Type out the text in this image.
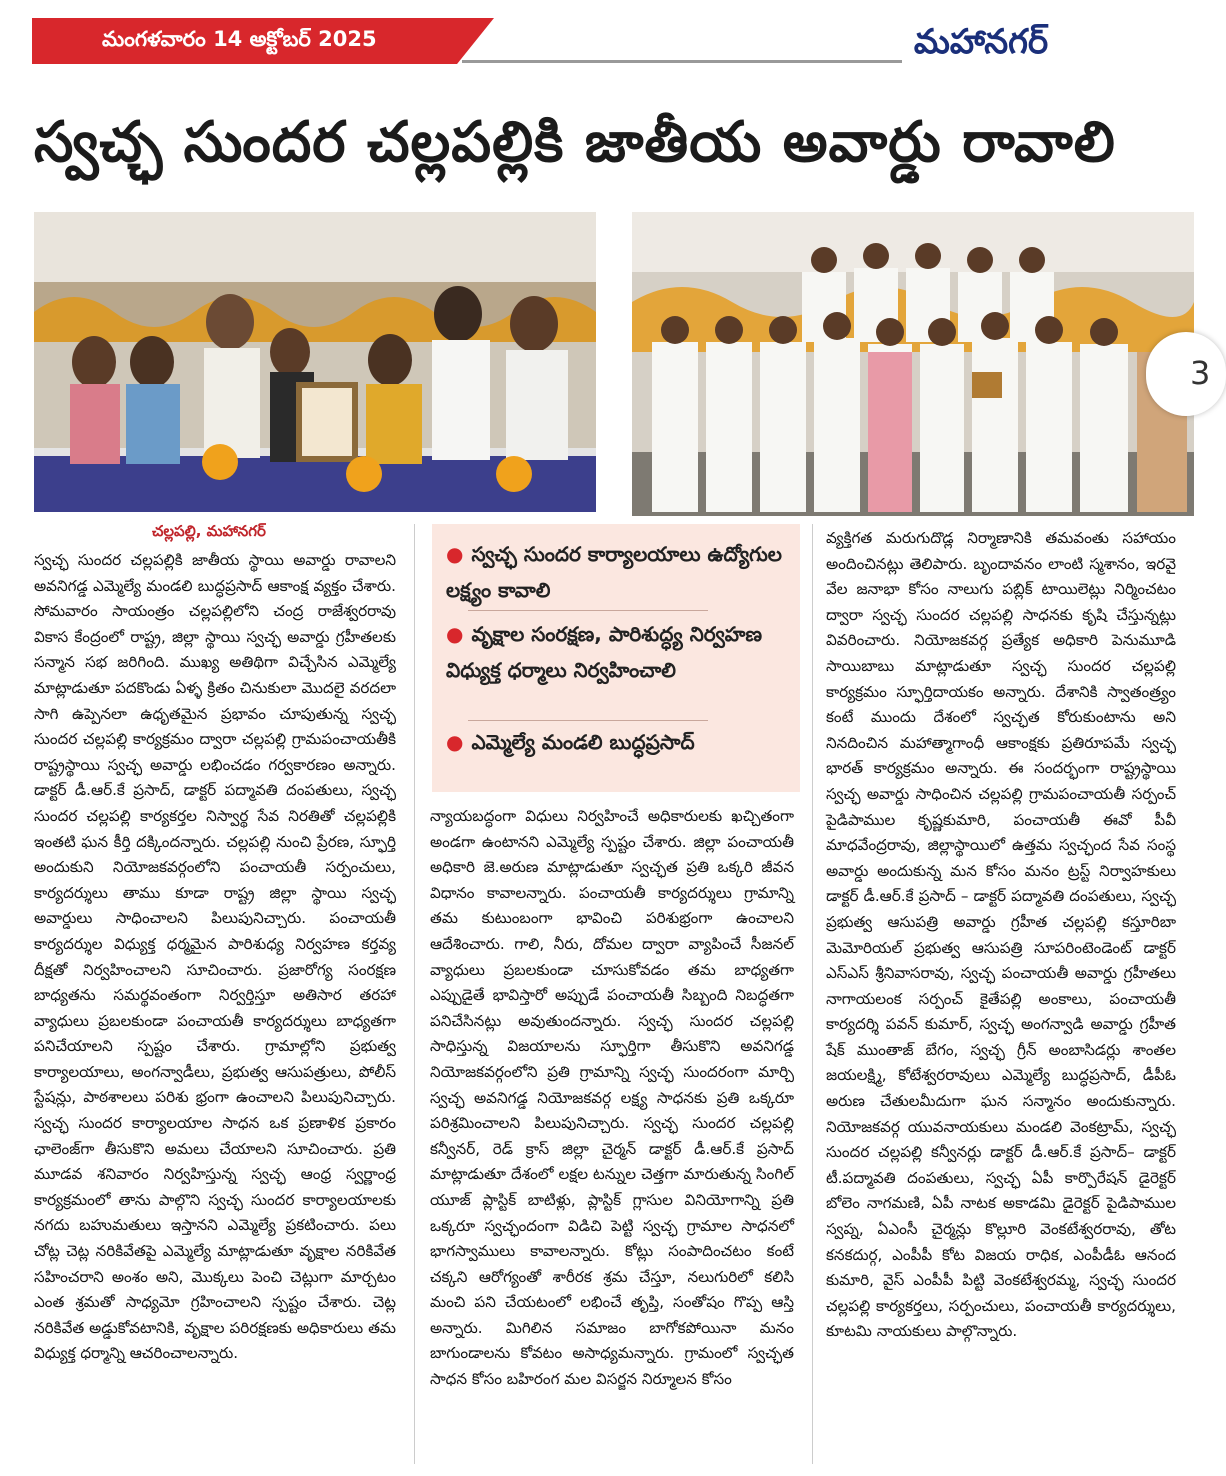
మంగళవారం 14 అక్టోబర్ 2025	మహానగర్
స్వచ్ఛ సుందర చల్లపల్లికి జాతీయ అవార్డు రావాలి
3
చల్లపల్లి, మహానగర్

స్వచ్ఛ సుందర చల్లపల్లికి జాతీయ స్థాయి అవార్డు రావాలని అవనిగడ్డ ఎమ్మెల్యే మండలి బుద్ధప్రసాద్ ఆకాంక్ష వ్యక్తం చేశారు. సోమవారం సాయంత్రం చల్లపల్లిలోని చంద్ర రాజేశ్వరరావు వికాస కేంద్రంలో రాష్ట్ర, జిల్లా స్థాయి స్వచ్ఛ అవార్డు గ్రహీతలకు సన్మాన సభ జరిగింది. ముఖ్య అతిథిగా విచ్చేసిన ఎమ్మెల్యే మాట్లాడుతూ పదకొండు ఏళ్ళ క్రితం చినుకులా మొదలై వరదలా సాగి ఉప్పెనలా ఉధృతమైన ప్రభావం చూపుతున్న స్వచ్ఛ సుందర చల్లపల్లి కార్యక్రమం ద్వారా చల్లపల్లి గ్రామపంచాయతీకి రాష్ట్రస్థాయి స్వచ్ఛ అవార్డు లభించడం గర్వకారణం అన్నారు. డాక్టర్ డీ.ఆర్.కే ప్రసాద్, డాక్టర్ పద్మావతి దంపతులు, స్వచ్ఛ సుందర చల్లపల్లి కార్యకర్తల నిస్వార్థ సేవ నిరతితో చల్లపల్లికి ఇంతటి ఘన కీర్తి దక్కిందన్నారు. చల్లపల్లి నుంచి ప్రేరణ, స్ఫూర్తి అందుకుని నియోజకవర్గంలోని పంచాయతీ సర్పంచులు, కార్యదర్శులు తాము కూడా రాష్ట్ర జిల్లా స్థాయి స్వచ్ఛ అవార్డులు సాధించాలని పిలుపునిచ్చారు. పంచాయతీ కార్యదర్శుల విధ్యుక్త ధర్మమైన పారిశుధ్య నిర్వహణ కర్తవ్య దీక్షతో నిర్వహించాలని సూచించారు. ప్రజారోగ్య సంరక్షణ బాధ్యతను సమర్థవంతంగా నిర్వర్తిస్తూ అతిసార తరహా వ్యాధులు ప్రబలకుండా పంచాయతీ కార్యదర్శులు బాధ్యతగా పనిచేయాలని స్పష్టం చేశారు. గ్రామాల్లోని ప్రభుత్వ కార్యాలయాలు, అంగన్వాడీలు, ప్రభుత్వ ఆసుపత్రులు, పోలీస్ స్టేషన్లు, పాఠశాలలు పరిశు భ్రంగా ఉంచాలని పిలుపునిచ్చారు. స్వచ్ఛ సుందర కార్యాలయాల సాధన ఒక ప్రణాళిక ప్రకారం ఛాలెంజ్‌గా తీసుకొని అమలు చేయాలని సూచించారు. ప్రతి మూడవ శనివారం నిర్వహిస్తున్న స్వచ్ఛ ఆంధ్ర స్వర్ణాంధ్ర కార్యక్రమంలో తాను పాల్గొని స్వచ్ఛ సుందర కార్యాలయాలకు నగదు బహుమతులు ఇస్తానని ఎమ్మెల్యే ప్రకటించారు. పలు చోట్ల చెట్ల నరికివేతపై ఎమ్మెల్యే మాట్లాడుతూ వృక్షాల నరికివేత సహించరాని అంశం అని, మొక్కలు పెంచి చెట్లుగా మార్చటం ఎంత శ్రమతో సాధ్యమో గ్రహించాలని స్పష్టం చేశారు. చెట్ల నరికివేత అడ్డుకోవటానికి, వృక్షాల పరిరక్షణకు అధికారులు తమ విధ్యుక్త ధర్మాన్ని ఆచరించాలన్నారు.

● స్వచ్ఛ సుందర కార్యాలయాలు ఉద్యోగుల లక్ష్యం కావాలి
● వృక్షాల సంరక్షణ, పారిశుద్ధ్య నిర్వహణ విధ్యుక్త ధర్మాలు నిర్వహించాలి
● ఎమ్మెల్యే మండలి బుద్ధప్రసాద్

న్యాయబద్ధంగా విధులు నిర్వహించే అధికారులకు ఖచ్చితంగా అండగా ఉంటానని ఎమ్మెల్యే స్పష్టం చేశారు. జిల్లా పంచాయతీ అధికారి జె.అరుణ మాట్లాడుతూ స్వచ్ఛత ప్రతి ఒక్కరి జీవన విధానం కావాలన్నారు. పంచాయతీ కార్యదర్శులు గ్రామాన్ని తమ కుటుంబంగా భావించి పరిశుభ్రంగా ఉంచాలని ఆదేశించారు. గాలి, నీరు, దోమల ద్వారా వ్యాపించే సీజనల్ వ్యాధులు ప్రబలకుండా చూసుకోవడం తమ బాధ్యతగా ఎప్పుడైతే భావిస్తారో అప్పుడే పంచాయతీ సిబ్బంది నిబద్ధతగా పనిచేసినట్లు అవుతుందన్నారు. స్వచ్ఛ సుందర చల్లపల్లి సాధిస్తున్న విజయాలను స్ఫూర్తిగా తీసుకొని అవనిగడ్డ నియోజకవర్గంలోని ప్రతి గ్రామాన్ని స్వచ్ఛ సుందరంగా మార్చి స్వచ్ఛ అవనిగడ్డ నియోజకవర్గ లక్ష్య సాధనకు ప్రతి ఒక్కరూ పరిశ్రమించాలని పిలుపునిచ్చారు. స్వచ్ఛ సుందర చల్లపల్లి కన్వీనర్, రెడ్ క్రాస్ జిల్లా చైర్మన్ డాక్టర్ డీ.ఆర్.కే ప్రసాద్ మాట్లాడుతూ దేశంలో లక్షల టన్నుల చెత్తగా మారుతున్న సింగిల్ యూజ్ ప్లాస్టిక్ బాటిళ్లు, ప్లాస్టిక్ గ్లాసుల వినియోగాన్ని ప్రతి ఒక్కరూ స్వచ్ఛందంగా విడిచి పెట్టి స్వచ్ఛ గ్రామాల సాధనలో భాగస్వాములు కావాలన్నారు. కోట్లు సంపాదించటం కంటే చక్కని ఆరోగ్యంతో శారీరక శ్రమ చేస్తూ, నలుగురిలో కలిసి మంచి పని చేయటంలో లభించే తృప్తి, సంతోషం గొప్ప ఆస్తి అన్నారు. మిగిలిన సమాజం బాగోకపోయినా మనం బాగుండాలను కోవటం అసాధ్యమన్నారు. గ్రామంలో స్వచ్ఛత సాధన కోసం బహిరంగ మల విసర్జన నిర్మూలన కోసం

వ్యక్తిగత మరుగుదొడ్ల నిర్మాణానికి తమవంతు సహాయం అందించినట్లు తెలిపారు. బృందావనం లాంటి స్మశానం, ఇరవై వేల జనాభా కోసం నాలుగు పబ్లిక్ టాయిలెట్లు నిర్మించటం ద్వారా స్వచ్ఛ సుందర చల్లపల్లి సాధనకు కృషి చేస్తున్నట్లు వివరించారు. నియోజకవర్గ ప్రత్యేక అధికారి పెనుమూడి సాయిబాబు మాట్లాడుతూ స్వచ్ఛ సుందర చల్లపల్లి కార్యక్రమం స్ఫూర్తిదాయకం అన్నారు. దేశానికి స్వాతంత్ర్యం కంటే ముందు దేశంలో స్వచ్ఛత కోరుకుంటాను అని నినదించిన మహాత్మాగాంధీ ఆకాంక్షకు ప్రతిరూపమే స్వచ్ఛ భారత్ కార్యక్రమం అన్నారు. ఈ సందర్భంగా రాష్ట్రస్థాయి స్వచ్ఛ అవార్డు సాధించిన చల్లపల్లి గ్రామపంచాయతీ సర్పంచ్ పైడిపాముల కృష్ణకుమారి, పంచాయతీ ఈవో పీవీ మాధవేంద్రరావు, జిల్లాస్థాయిలో ఉత్తమ స్వచ్ఛంద సేవ సంస్థ అవార్డు అందుకున్న మన కోసం మనం ట్రస్ట్ నిర్వాహకులు డాక్టర్ డీ.ఆర్.కే ప్రసాద్ – డాక్టర్ పద్మావతి దంపతులు, స్వచ్ఛ ప్రభుత్వ ఆసుపత్రి అవార్డు గ్రహీత చల్లపల్లి కస్తూరిబా మెమోరియల్ ప్రభుత్వ ఆసుపత్రి సూపరింటెండెంట్ డాక్టర్ ఎస్ఎస్ శ్రీనివాసరావు, స్వచ్ఛ పంచాయతీ అవార్డు గ్రహీతలు నాగాయలంక సర్పంచ్ కైతేపల్లి అంకాలు, పంచాయతీ కార్యదర్శి పవన్ కుమార్, స్వచ్ఛ అంగన్వాడి అవార్డు గ్రహీత షేక్ ముంతాజ్ బేగం, స్వచ్ఛ గ్రీన్ అంబాసిడర్లు శాంతల జయలక్ష్మి, కోటేశ్వరరావులు ఎమ్మెల్యే బుద్ధప్రసాద్, డీపీఓ అరుణ చేతులమీదుగా ఘన సన్మానం అందుకున్నారు. నియోజకవర్గ యువనాయకులు మండలి వెంకట్రామ్, స్వచ్ఛ సుందర చల్లపల్లి కన్వీనర్లు డాక్టర్ డీ.ఆర్.కే ప్రసాద్– డాక్టర్ టీ.పద్మావతి దంపతులు, స్వచ్ఛ ఏపీ కార్పొరేషన్ డైరెక్టర్ బోలెం నాగమణి, ఏపీ నాటక అకాడమి డైరెక్టర్ పైడిపాముల స్వప్న, ఏఎంసీ చైర్మన్లు కొల్లూరి వెంకటేశ్వరరావు, తోట కనకదుర్గ, ఎంపీపీ కోట విజయ రాధిక, ఎంపీడీఓ ఆనంద కుమారి, వైస్ ఎంపీపీ పిట్టి వెంకటేశ్వరమ్మ, స్వచ్ఛ సుందర చల్లపల్లి కార్యకర్తలు, సర్పంచులు, పంచాయతీ కార్యదర్శులు, కూటమి నాయకులు పాల్గొన్నారు.
